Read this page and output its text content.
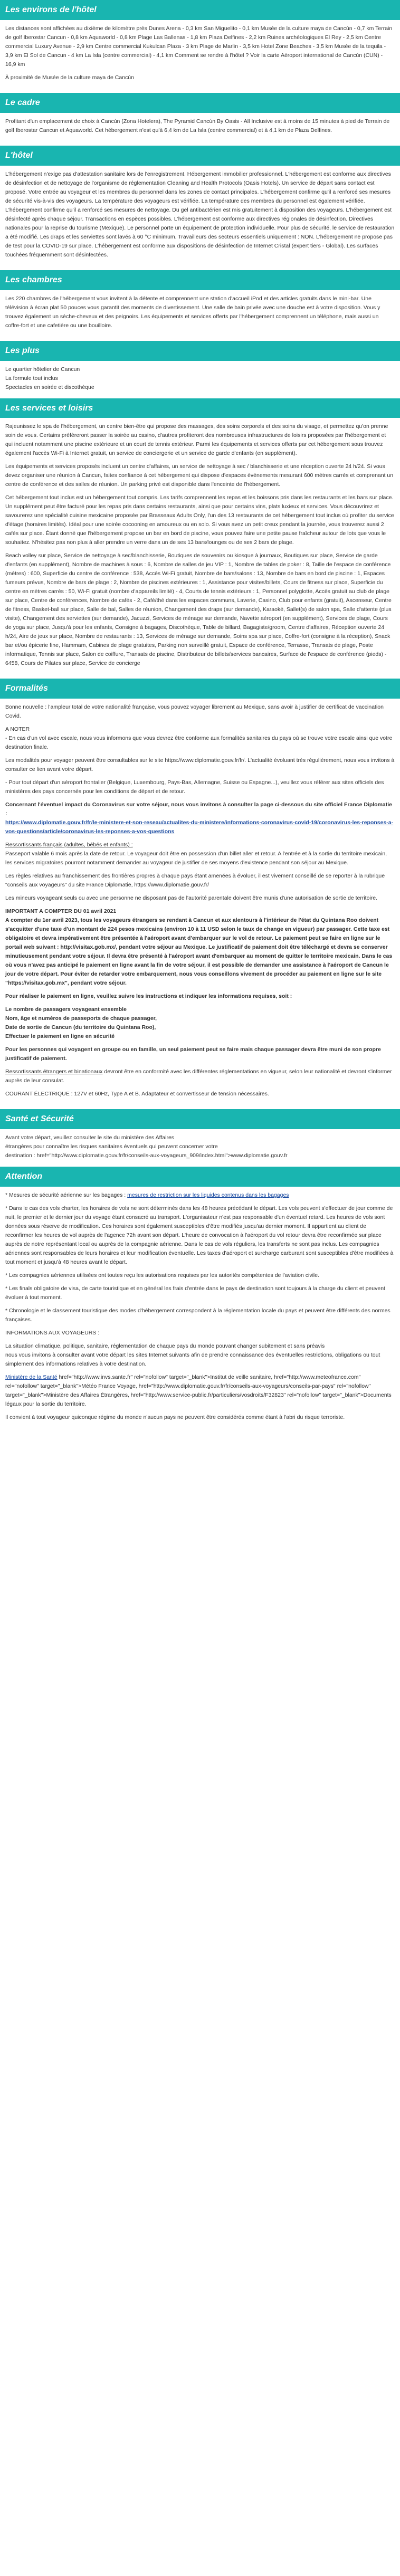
Les environs de l'hôtel

Les distances sont affichées au dixième de kilomètre près Dunes Arena - 0,3 km San Miguelito - 0,1 km Musée de la culture maya de Cancún - 0,7 km Terrain de golf Iberostar Cancun - 0,8 km Aquaworld - 0,8 km Plage Las Ballenas - 1,8 km Plaza Delfines - 2,2 km Ruines archéologiques El Rey - 2,5 km Centre commercial Luxury Avenue - 2,9 km Centre commercial Kukulcan Plaza - 3 km Plage de Marlin - 3,5 km Hotel Zone Beaches - 3,5 km Musée de la tequila - 3,9 km El Sol de Cancun - 4 km La Isla (centre commercial) - 4,1 km Comment se rendre à l'hôtel ? Voir la carte Aéroport international de Cancún (CUN) - 16,9 km

À proximité de Musée de la culture maya de Cancún

Le cadre

Profitant d'un emplacement de choix à Cancún (Zona Hotelera), The Pyramid Cancún By Oasis - All Inclusive est à moins de 15 minutes à pied de Terrain de golf Iberostar Cancun et Aquaworld. Cet hébergement n'est qu'à 6,4 km de La Isla (centre commercial) et à 4,1 km de Plaza Delfines.

L'hôtel

L'hébergement n'exige pas d'attestation sanitaire lors de l'enregistrement. Hébergement immobilier professionnel. L'hébergement est conforme aux directives de désinfection et de nettoyage de l'organisme de réglementation Cleaning and Health Protocols (Oasis Hotels). Un service de départ sans contact est proposé. Votre entrée au voyageur et les membres du personnel dans les zones de contact principales. L'hébergement confirme qu'il a renforcé ses mesures de sécurité vis-à-vis des voyageurs. La température des voyageurs est vérifiée. La température des membres du personnel est également vérifiée. L'hébergement confirme qu'il a renforcé ses mesures de nettoyage. Du gel antibactérien est mis gratuitement à disposition des voyageurs. L'hébergement est désinfecté après chaque séjour. Transactions en espèces possibles. L'hébergement est conforme aux directives régionales de désinfection. Directives nationales pour la reprise du tourisme (Mexique). Le personnel porte un équipement de protection individuelle. Pour plus de sécurité, le service de restauration a été modifié. Les draps et les serviettes sont lavés à 60 °C minimum. Travailleurs des secteurs essentiels uniquement : NON. L'hébergement ne propose pas de test pour la COVID-19 sur place. L'hébergement est conforme aux dispositions de désinfection de Internet Cristal (expert tiers - Global). Les surfaces touchées fréquemment sont désinfectées.

Les chambres

Les 220 chambres de l'hébergement vous invitent à la détente et comprennent une station d'accueil iPod et des articles gratuits dans le mini-bar. Une télévision à écran plat 50 pouces vous garantit des moments de divertissement. Une salle de bain privée avec une douche est à votre disposition. Vous y trouvez également un sèche-cheveux et des peignoirs. Les équipements et services offerts par l'hébergement comprennent un téléphone, mais aussi un coffre-fort et une cafetière ou une bouilloire.

Les plus
Le quartier hôtelier de Cancun
La formule tout inclus
Spectacles en soirée et discothèque
Les services et loisirs

Rajeunissez le spa de l'hébergement, un centre bien-être qui propose des massages, des soins corporels et des soins du visage, et permettez qu'on prenne soin de vous. Certains préfèreront passer la soirée au casino, d'autres profiteront des nombreuses infrastructures de loisirs proposées par l'hébergement et qui incluent notamment une piscine extérieure et un court de tennis extérieur. Parmi les équipements et services offerts par cet hébergement sous trouvez également l'accès Wi-Fi à Internet gratuit, un service de conciergerie et un service de garde d'enfants (en supplément).

Les équipements et services proposés incluent un centre d'affaires, un service de nettoyage à sec / blanchisserie et une réception ouverte 24 h/24. Si vous devez organiser une réunion à Cancun, faites confiance à cet hébergement qui dispose d'espaces événements mesurant 600 mètres carrés et comprenant un centre de conférence et des salles de réunion. Un parking privé est disponible dans l'enceinte de l'hébergement.

Cet hébergement tout inclus est un hébergement tout compris. Les tarifs comprennent les repas et les boissons pris dans les restaurants et les bars sur place. Un supplément peut être facturé pour les repas pris dans certains restaurants, ainsi que pour certains vins, plats luxieux et services. Vous découvrirez et savourerez une spécialité cuisine mexicaine proposée par Brasseaux Adults Only, l'un des 13 restaurants de cet hébergement tout inclus où profiter du service d'étage (horaires limités). Idéal pour une soirée cocooning en amoureux ou en solo. Si vous avez un petit creux pendant la journée, vous trouverez aussi 2 cafés sur place. Étant donné que l'hébergement propose un bar en bord de piscine, vous pouvez faire une petite pause fraîcheur autour de lots que vous le souhaitez. N'hésitez pas non plus à aller prendre un verre dans un de ses 13 bars/lounges ou de ses 2 bars de plage.

Beach volley sur place, Service de nettoyage à sec/blanchisserie, Boutiques de souvenirs ou kiosque à journaux, Boutiques sur place, Service de garde d'enfants (en supplément), Nombre de machines à sous : 6, Nombre de salles de jeu VIP : 1, Nombre de tables de poker : 8, Taille de l'espace de conférence (mètres) : 600, Superficie du centre de conférence : 538, Accès Wi-Fi gratuit, Nombre de bars/salons : 13, Nombre de bars en bord de piscine : 1, Espaces fumeurs prévus, Nombre de bars de plage : 2, Nombre de piscines extérieures : 1, Assistance pour visites/billets, Cours de fitness sur place, Superficie du centre en mètres carrés : 50, Wi-Fi gratuit (nombre d'appareils limité) - 4, Courts de tennis extérieurs : 1, Personnel polyglotte, Accès gratuit au club de plage sur place, Centre de conférences, Nombre de cafés - 2, Café/thé dans les espaces communs, Laverie, Casino, Club pour enfants (gratuit), Ascenseur, Centre de fitness, Basket-ball sur place, Salle de bal, Salles de réunion, Changement des draps (sur demande), Karaoké, Sallet(s) de salon spa, Salle d'attente (plus visite), Changement des serviettes (sur demande), Jacuzzi, Services de ménage sur demande, Navette aéroport (en supplément), Services de plage, Cours de yoga sur place, Jusqu'à pour les enfants, Consigne à bagages, Discothèque, Table de billard, Bagagiste/groom, Centre d'affaires, Réception ouverte 24 h/24, Aire de jeux sur place, Nombre de restaurants : 13, Services de ménage sur demande, Soins spa sur place, Coffre-fort (consigne à la réception), Snack bar et/ou épicerie fine, Hammam, Cabines de plage gratuites, Parking non surveillé gratuit, Espace de conférence, Terrasse, Transats de plage, Poste informatique, Tennis sur place, Salon de coiffure, Transats de piscine, Distributeur de billets/services bancaires, Surface de l'espace de conférence (pieds) - 6458, Cours de Pilates sur place, Service de concierge

Formalités

Bonne nouvelle : l'ampleur total de votre nationalité française, vous pouvez voyager librement au Mexique, sans avoir à justifier de certificat de vaccination Covid.

A NOTER

- En cas d'un vol avec escale, nous vous informons que vous devrez être conforme aux formalités sanitaires du pays où se trouve votre escale ainsi que votre destination finale.

Les modalités pour voyager peuvent être consultables sur le site https://www.diplomatie.gouv.fr/fr/. L'actualité évoluant très régulièrement, nous vous invitons à consulter ce lien avant votre départ.

- Pour tout départ d'un aéroport frontalier (Belgique, Luxembourg, Pays-Bas, Allemagne, Suisse ou Espagne...), veuillez vous référer aux sites officiels des ministères des pays concernés pour les conditions de départ et de retour.

Concernant l'éventuel impact du Coronavirus sur votre séjour, nous vous invitons à consulter la page ci-dessous du site officiel France Diplomatie :
https://www.diplomatie.gouv.fr/fr/le-ministere-et-son-reseau/actualites-du-ministere/informations-coronavirus-covid-19/coronavirus-les-reponses-a-vos-questions/article/coronavirus-les-reponses-a-vos-questions

Ressortissants français (adultes, bébés et enfants) :
Passeport valable 6 mois après la date de retour. Le voyageur doit être en possession d'un billet aller et retour. A l'entrée et à la sortie du territoire mexicain, les services migratoires pourront notamment demander au voyageur de justifier de ses moyens d'existence pendant son séjour au Mexique.

Les règles relatives au franchissement des frontières propres à chaque pays étant amenées à évoluer, il est vivement conseillé de se reporter à la rubrique "conseils aux voyageurs" du site France Diplomatie, https://www.diplomatie.gouv.fr/

Les mineurs voyageant seuls ou avec une personne ne disposant pas de l'autorité parentale doivent être munis d'une autorisation de sortie de territoire.

IMPORTANT A COMPTER DU 01 avril 2021
A compter du 1er avril 2023, tous les voyageurs étrangers se rendant à Cancun et aux alentours à l'intérieur de l'état du Quintana Roo doivent s'acquitter d'une taxe d'un montant de 224 pesos mexicains (environ 10 à 11 USD selon le taux de change en vigueur) par passager. Cette taxe est obligatoire et devra impérativement être présentée à l'aéroport avant d'embarquer sur le vol de retour. Le paiement peut se faire en ligne sur le portail web suivant : http://visitax.gob.mx/, pendant votre séjour au Mexique. Le justificatif de paiement doit être téléchargé et devra se conserver minutieusement pendant votre séjour. Il devra être présenté à l'aéroport avant d'embarquer au moment de quitter le territoire mexicain. Dans le cas où vous n'avez pas anticipé le paiement en ligne avant la fin de votre séjour, il est possible de demander une assistance à l'aéroport de Cancun le jour de votre départ. Pour éviter de retarder votre embarquement, nous vous conseillons vivement de procéder au paiement en ligne sur le site "https://visitax.gob.mx", pendant votre séjour.

Pour réaliser le paiement en ligne, veuillez suivre les instructions et indiquer les informations requises, soit :

Le nombre de passagers voyageant ensemble
Nom, âge et numéros de passeports de chaque passager,
Date de sortie de Cancun (du territoire du Quintana Roo),
Effectuer le paiement en ligne en sécurité

Pour les personnes qui voyagent en groupe ou en famille, un seul paiement peut se faire mais chaque passager devra être muni de son propre justificatif de paiement.

Ressortissants étrangers et binationaux devront être en conformité avec les différentes réglementations en vigueur, selon leur nationalité et devront s'informer auprès de leur consulat.

COURANT ÉLECTRIQUE : 127V et 60Hz, Type A et B. Adaptateur et convertisseur de tension nécessaires.

Santé et Sécurité
Avant votre départ, veuillez consulter le site du ministère des Affaires
étrangères pour connaître les risques sanitaires éventuels qui peuvent concerner votre
destination : href="http://www.diplomatie.gouv.fr/fr/conseils-aux-voyageurs_909/index.html">www.diplomatie.gouv.fr
Attention

* Mesures de sécurité aérienne sur les bagages : mesures de restriction sur les liquides contenus dans les bagages

* Dans le cas des vols charter, les horaires de vols ne sont déterminés dans les 48 heures précédant le départ. Les vols peuvent s'effectuer de jour comme de nuit, le premier et le dernier jour du voyage étant consacré au transport. L'organisateur n'est pas responsable d'un éventuel retard. Les heures de vols sont données sous réserve de modification. Ces horaires sont également susceptibles d'être modifiés jusqu'au dernier moment. Il appartient au client de reconfirmer les heures de vol auprès de l'agence 72h avant son départ. L'heure de convocation à l'aéroport du vol retour devra être reconfirmée sur place auprès de notre représentant local ou auprès de la compagnie aérienne. Dans le cas de vols réguliers, les transferts ne sont pas inclus. Les compagnies aériennes sont responsables de leurs horaires et leur modification éventuelle. Les taxes d'aéroport et surcharge carburant sont susceptibles d'être modifiées à tout moment et jusqu'à 48 heures avant le départ.

* Les compagnies aériennes utilisées ont toutes reçu les autorisations requises par les autorités compétentes de l'aviation civile.

* Les finals obligatoire de visa, de carte touristique et en général les frais d'entrée dans le pays de destination sont toujours à la charge du client et peuvent évoluer à tout moment.

* Chronologie et le classement touristique des modes d'hébergement correspondent à la réglementation locale du pays et peuvent être différents des normes françaises.

INFORMATIONS AUX VOYAGEURS :

La situation climatique, politique, sanitaire, réglementation de chaque pays du monde pouvant changer subitement et sans préavis

nous vous invitons à consulter avant votre départ les sites Internet suivants afin de prendre connaissance des éventuelles restrictions, obligations ou tout simplement des informations relatives à votre destination.

Ministère de la Santé href="http://www.invs.sante.fr" rel="nofollow" target="_blank">Institut de veille sanitaire, href="http://www.meteofrance.com" rel="nofollow" target="_blank">Météo France Voyage, href="http://www.diplomatie.gouv.fr/fr/conseils-aux-voyageurs/conseils-par-pays" rel="nofollow" target="_blank">Ministère des Affaires Étrangères, href="http://www.service-public.fr/particuliers/vosdroits/F32823" rel="nofollow" target="_blank">Documents légaux pour la sortie du territoire.

Il convient à tout voyageur quiconque régime du monde n'aucun pays ne peuvent être considérés comme étant à l'abri du risque terroriste.
